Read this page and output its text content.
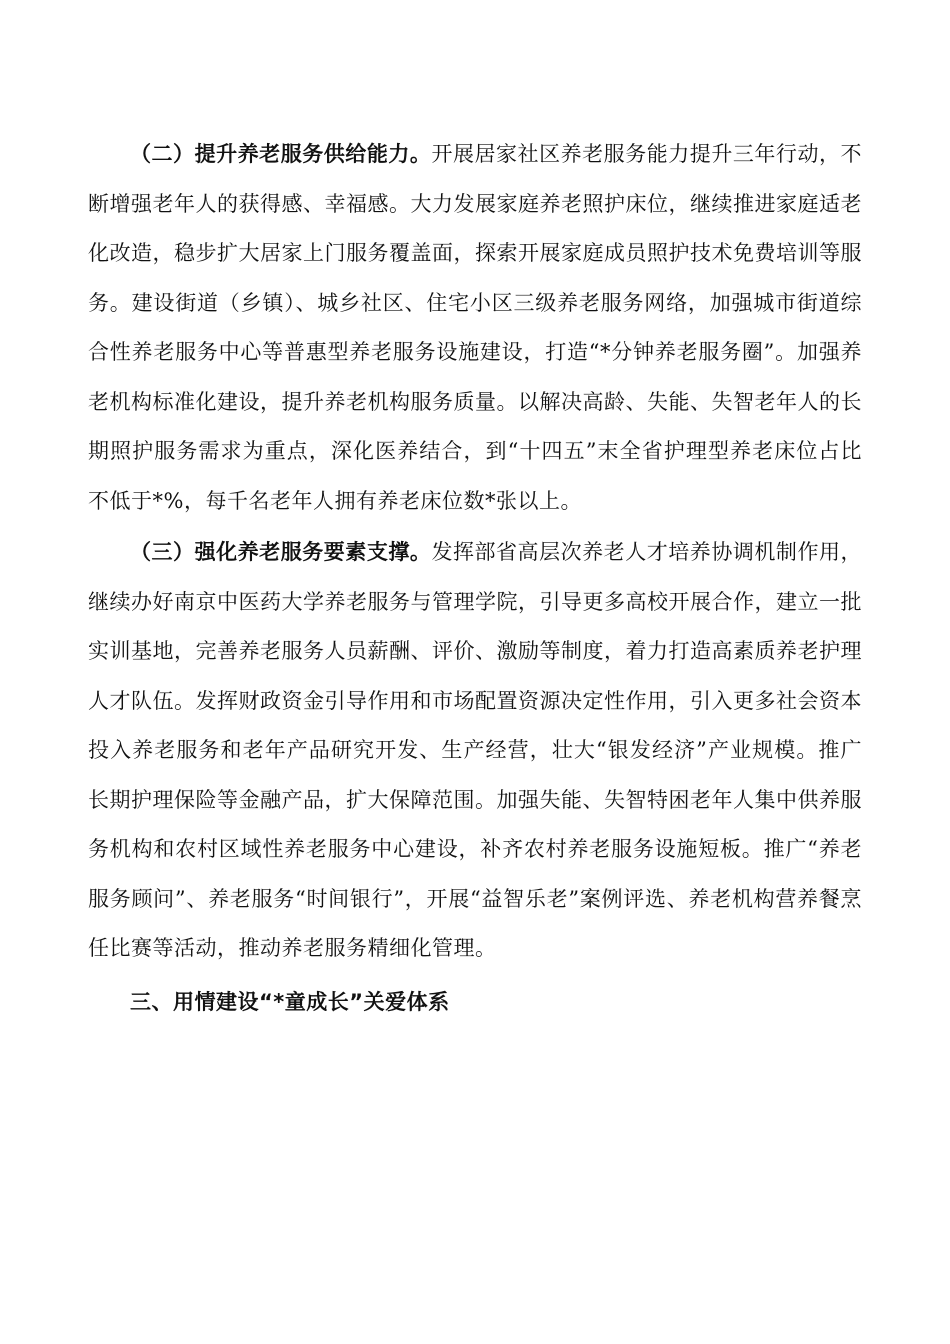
（二）提升养老服务供给能力。开展居家社区养老服务能力提升三年行动，不断增强老年人的获得感、幸福感。大力发展家庭养老照护床位，继续推进家庭适老化改造，稳步扩大居家上门服务覆盖面，探索开展家庭成员照护技术免费培训等服务。建设街道（乡镇）、城乡社区、住宅小区三级养老服务网络，加强城市街道综合性养老服务中心等普惠型养老服务设施建设，打造“*分钟养老服务圈”。加强养老机构标准化建设，提升养老机构服务质量。以解决高龄、失能、失智老年人的长期照护服务需求为重点，深化医养结合，到“十四五”末全省护理型养老床位占比不低于*%，每千名老年人拥有养老床位数*张以上。

（三）强化养老服务要素支撑。发挥部省高层次养老人才培养协调机制作用，继续办好南京中医药大学养老服务与管理学院，引导更多高校开展合作，建立一批实训基地，完善养老服务人员薪酬、评价、激励等制度，着力打造高素质养老护理人才队伍。发挥财政资金引导作用和市场配置资源决定性作用，引入更多社会资本投入养老服务和老年产品研究开发、生产经营，壮大“银发经济”产业规模。推广长期护理保险等金融产品，扩大保障范围。加强失能、失智特困老年人集中供养服务机构和农村区域性养老服务中心建设，补齐农村养老服务设施短板。推广“养老服务顾问”、养老服务“时间银行”，开展“益智乐老”案例评选、养老机构营养餐烹任比赛等活动，推动养老服务精细化管理。

三、用情建设“*童成长”关爱体系
